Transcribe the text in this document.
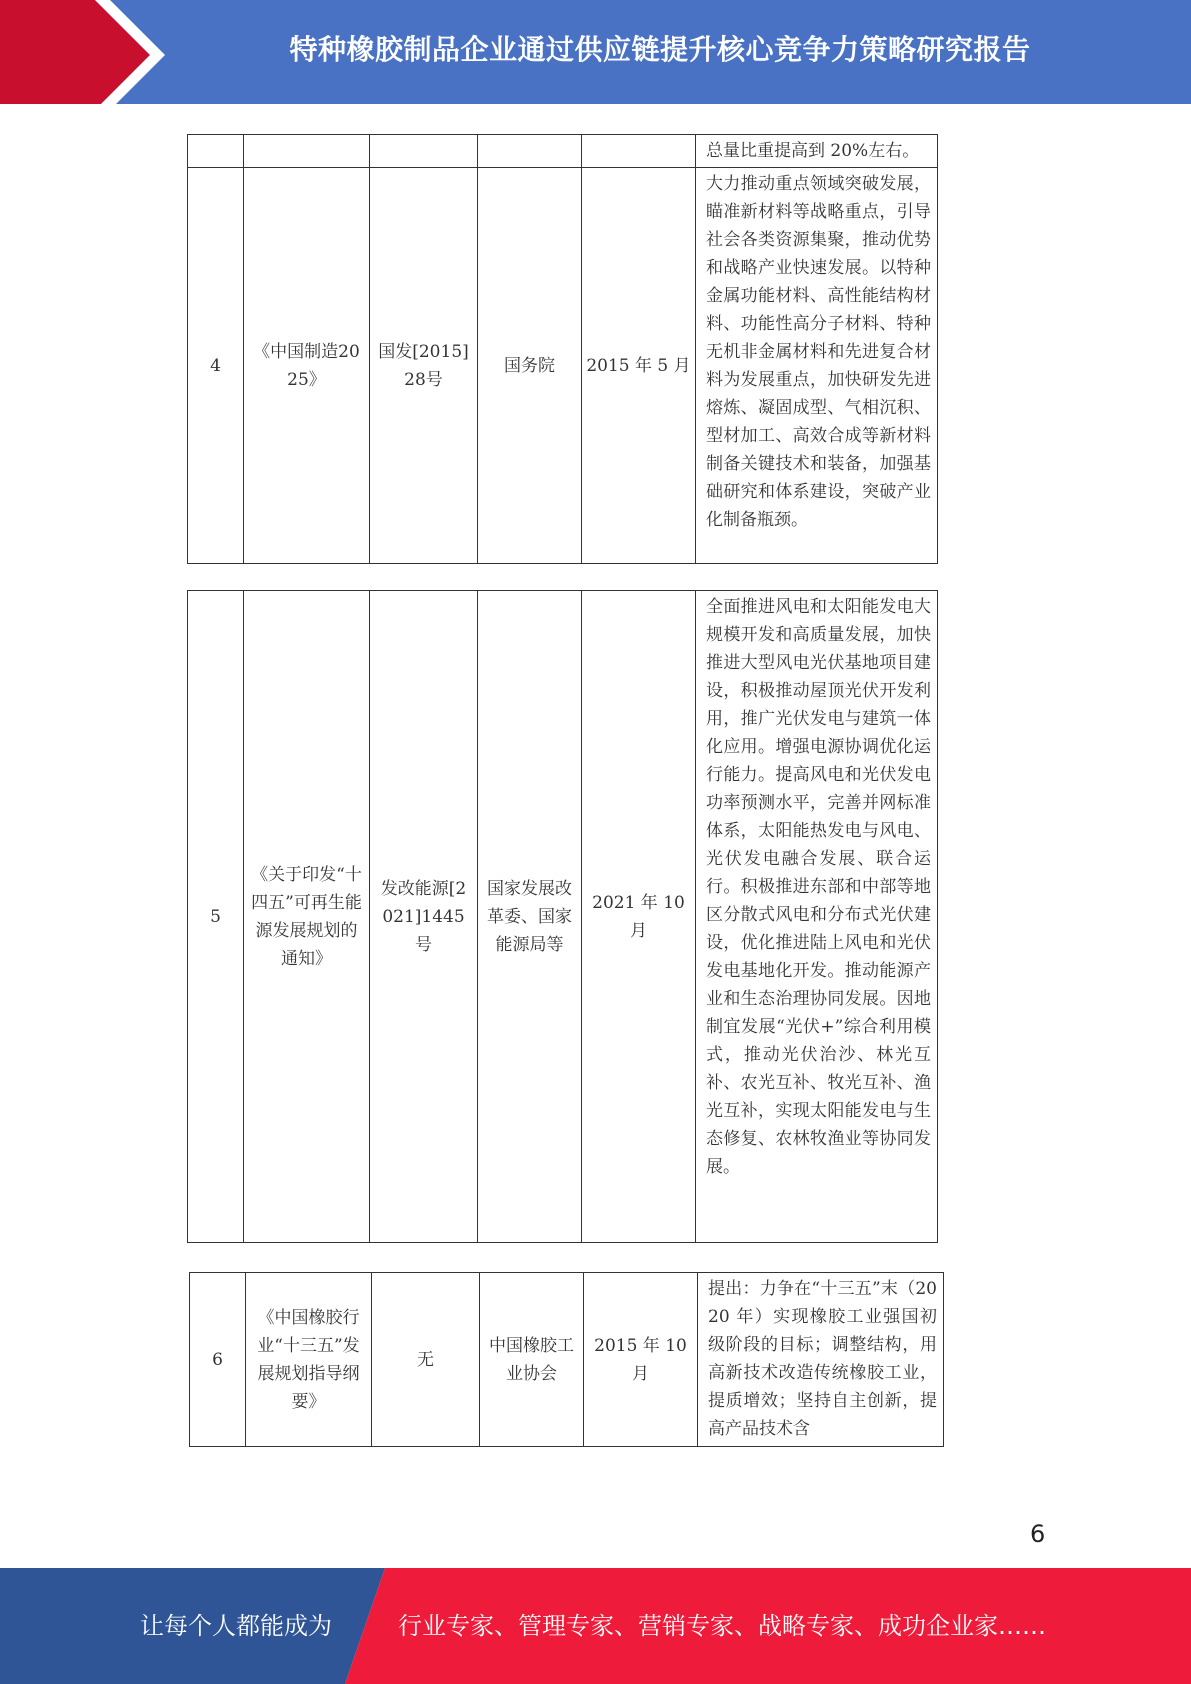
特种橡胶制品企业通过供应链提升核心竞争力策略研究报告
					总量比重提高到 20%左右。
4	《中国制造2025》	国发[2015]28号	国务院	2015 年 5 月	大力推动重点领域突破发展，瞄准新材料等战略重点，引导社会各类资源集聚，推动优势和战略产业快速发展。以特种金属功能材料、高性能结构材料、功能性高分子材料、特种无机非金属材料和先进复合材料为发展重点，加快研发先进熔炼、凝固成型、气相沉积、型材加工、高效合成等新材料制备关键技术和装备，加强基础研究和体系建设，突破产业化制备瓶颈。
5	《关于印发“十四五”可再生能源发展规划的通知》	发改能源[2021]1445号	国家发展改革委、国家能源局等	2021 年 10 月	全面推进风电和太阳能发电大规模开发和高质量发展，加快推进大型风电光伏基地项目建设，积极推动屋顶光伏开发利用，推广光伏发电与建筑一体化应用。增强电源协调优化运行能力。提高风电和光伏发电功率预测水平，完善并网标准体系，太阳能热发电与风电、光伏发电融合发展、联合运行。积极推进东部和中部等地区分散式风电和分布式光伏建设，优化推进陆上风电和光伏发电基地化开发。推动能源产业和生态治理协同发展。因地制宜发展“光伏+”综合利用模式，推动光伏治沙、林光互补、农光互补、牧光互补、渔光互补，实现太阳能发电与生态修复、农林牧渔业等协同发展。
6	《中国橡胶行业“十三五”发展规划指导纲要》	无	中国橡胶工业协会	2015 年 10 月	提出：力争在“十三五”末（2020 年）实现橡胶工业强国初级阶段的目标；调整结构，用高新技术改造传统橡胶工业，提质增效；坚持自主创新，提高产品技术含
6
让每个人都能成为	行业专家、管理专家、营销专家、战略专家、成功企业家……
